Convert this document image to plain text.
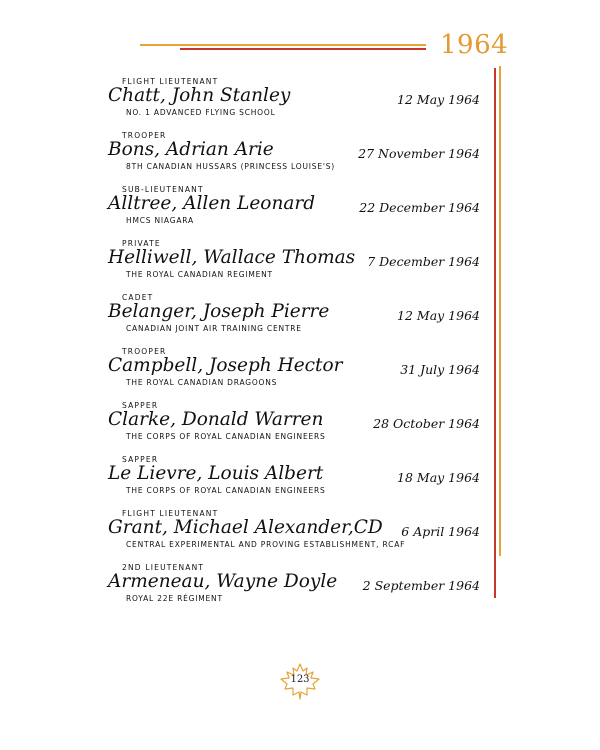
1964
FLIGHT LIEUTENANT
Chatt, John Stanley
NO. 1 ADVANCED FLYING SCHOOL
12 May 1964
TROOPER
Bons, Adrian Arie
8TH CANADIAN HUSSARS (PRINCESS LOUISE'S)
27 November 1964
SUB-LIEUTENANT
Alltree, Allen Leonard
HMCS NIAGARA
22 December 1964
PRIVATE
Helliwell, Wallace Thomas
THE ROYAL CANADIAN REGIMENT
7 December 1964
CADET
Belanger, Joseph Pierre
CANADIAN JOINT AIR TRAINING CENTRE
12 May 1964
TROOPER
Campbell, Joseph Hector
THE ROYAL CANADIAN DRAGOONS
31 July 1964
SAPPER
Clarke, Donald Warren
THE CORPS OF ROYAL CANADIAN ENGINEERS
28 October 1964
SAPPER
Le Lievre, Louis Albert
THE CORPS OF ROYAL CANADIAN ENGINEERS
18 May 1964
FLIGHT LIEUTENANT
Grant, Michael Alexander,CD
CENTRAL EXPERIMENTAL AND PROVING ESTABLISHMENT, RCAF
6 April 1964
2ND LIEUTENANT
Armeneau, Wayne Doyle
ROYAL 22E RÉGIMENT
2 September 1964
123
